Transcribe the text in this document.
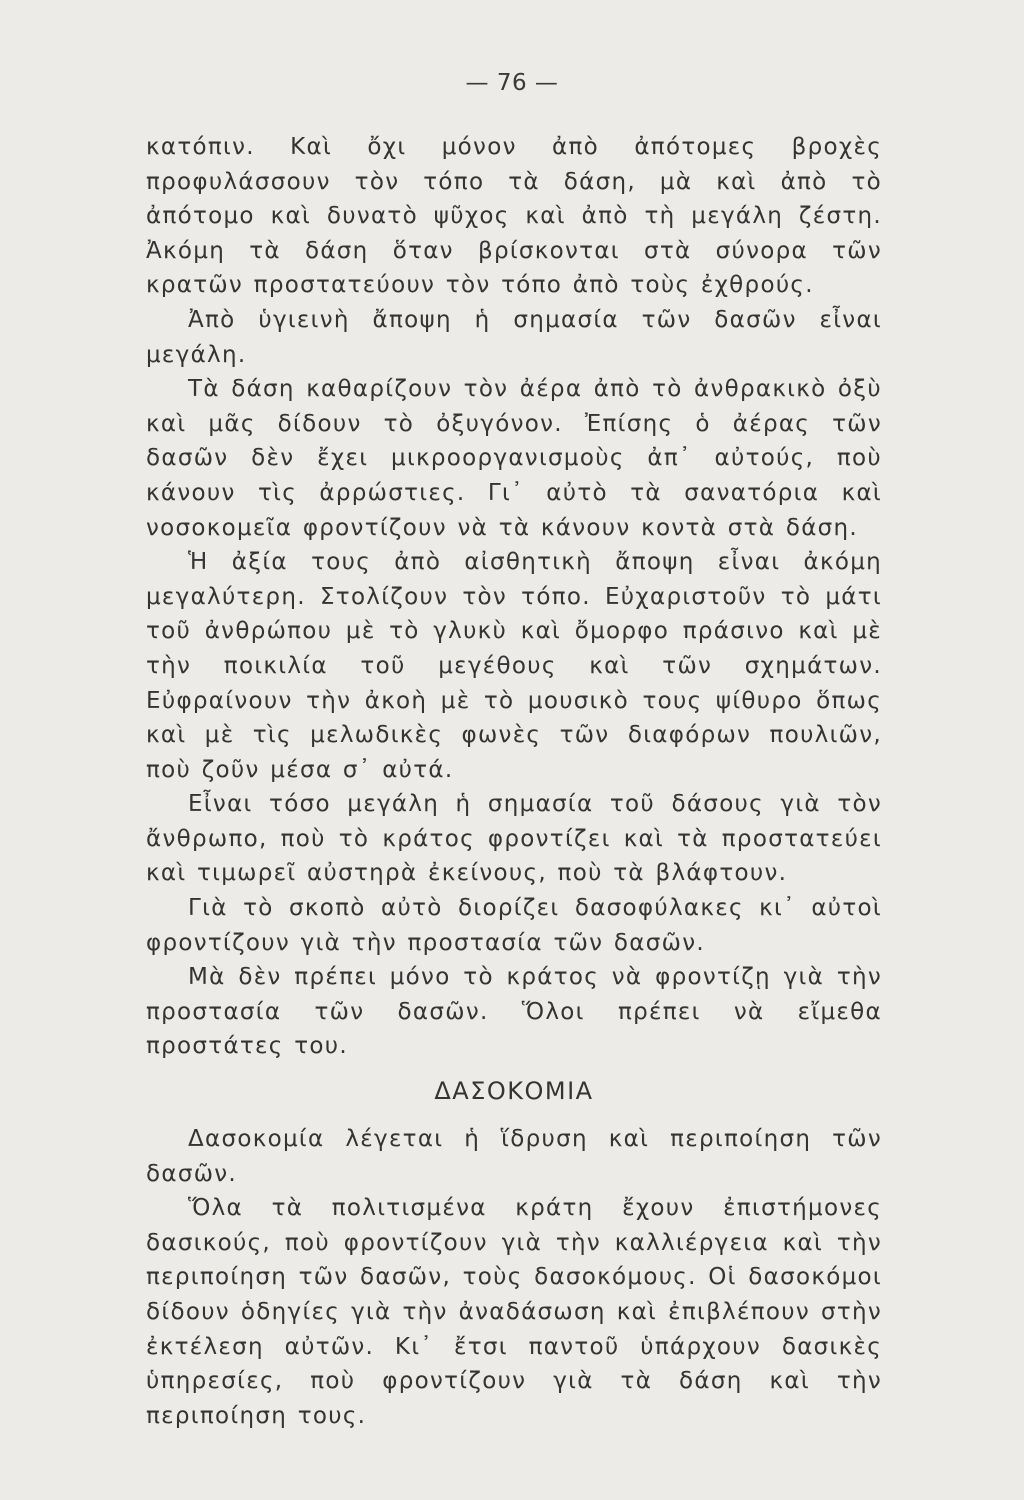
— 76 —

κατόπιν. Καὶ ὄχι μόνον ἀπὸ ἀπότομες βροχὲς προφυλάσσουν τὸν τόπο τὰ δάση, μὰ καὶ ἀπὸ τὸ ἀπότομο καὶ δυνατὸ ψῦχος καὶ ἀπὸ τὴ μεγάλη ζέστη. Ἀκόμη τὰ δάση ὅταν βρίσκονται στὰ σύνορα τῶν κρατῶν προστατεύουν τὸν τόπο ἀπὸ τοὺς ἐχθρούς.

Ἀπὸ ὑγιεινὴ ἄποψη ἡ σημασία τῶν δασῶν εἶναι μεγάλη.

Τὰ δάση καθαρίζουν τὸν ἀέρα ἀπὸ τὸ ἀνθρακικὸ ὀξὺ καὶ μᾶς δίδουν τὸ ὀξυγόνον. Ἐπίσης ὁ ἀέρας τῶν δασῶν δὲν ἔχει μικροοργανισμοὺς ἀπ᾽ αὐτούς, ποὺ κάνουν τὶς ἀρρώστιες. Γι᾽ αὐτὸ τὰ σανατόρια καὶ νοσοκομεῖα φροντίζουν νὰ τὰ κάνουν κοντὰ στὰ δάση.

Ἡ ἀξία τους ἀπὸ αἰσθητικὴ ἄποψη εἶναι ἀκόμη μεγαλύτερη. Στολίζουν τὸν τόπο. Εὐχαριστοῦν τὸ μάτι τοῦ ἀνθρώπου μὲ τὸ γλυκὺ καὶ ὄμορφο πράσινο καὶ μὲ τὴν ποικιλία τοῦ μεγέθους καὶ τῶν σχημάτων. Εὐφραίνουν τὴν ἀκοὴ μὲ τὸ μουσικὸ τους ψίθυρο ὅπως καὶ μὲ τὶς μελωδικὲς φωνὲς τῶν διαφόρων πουλιῶν, ποὺ ζοῦν μέσα σ᾽ αὐτά.

Εἶναι τόσο μεγάλη ἡ σημασία τοῦ δάσους γιὰ τὸν ἄνθρωπο, ποὺ τὸ κράτος φροντίζει καὶ τὰ προστατεύει καὶ τιμωρεῖ αὐστηρὰ ἐκείνους, ποὺ τὰ βλάφτουν.

Γιὰ τὸ σκοπὸ αὐτὸ διορίζει δασοφύλακες κι᾽ αὐτοὶ φροντίζουν γιὰ τὴν προστασία τῶν δασῶν.

Μὰ δὲν πρέπει μόνο τὸ κράτος νὰ φροντίζῃ γιὰ τὴν προστασία τῶν δασῶν. Ὅλοι πρέπει νὰ εἴμεθα προστάτες του.

ΔΑΣΟΚΟΜΙΑ

Δασοκομία λέγεται ἡ ἵδρυση καὶ περιποίηση τῶν δασῶν.

Ὅλα τὰ πολιτισμένα κράτη ἔχουν ἐπιστήμονες δασικούς, ποὺ φροντίζουν γιὰ τὴν καλλιέργεια καὶ τὴν περιποίηση τῶν δασῶν, τοὺς δασοκόμους. Οἱ δασοκόμοι δίδουν ὁδηγίες γιὰ τὴν ἀναδάσωση καὶ ἐπιβλέπουν στὴν ἐκτέλεση αὐτῶν. Κι᾽ ἔτσι παντοῦ ὑπάρχουν δασικὲς ὑπηρεσίες, ποὺ φροντίζουν γιὰ τὰ δάση καὶ τὴν περιποίηση τους.
